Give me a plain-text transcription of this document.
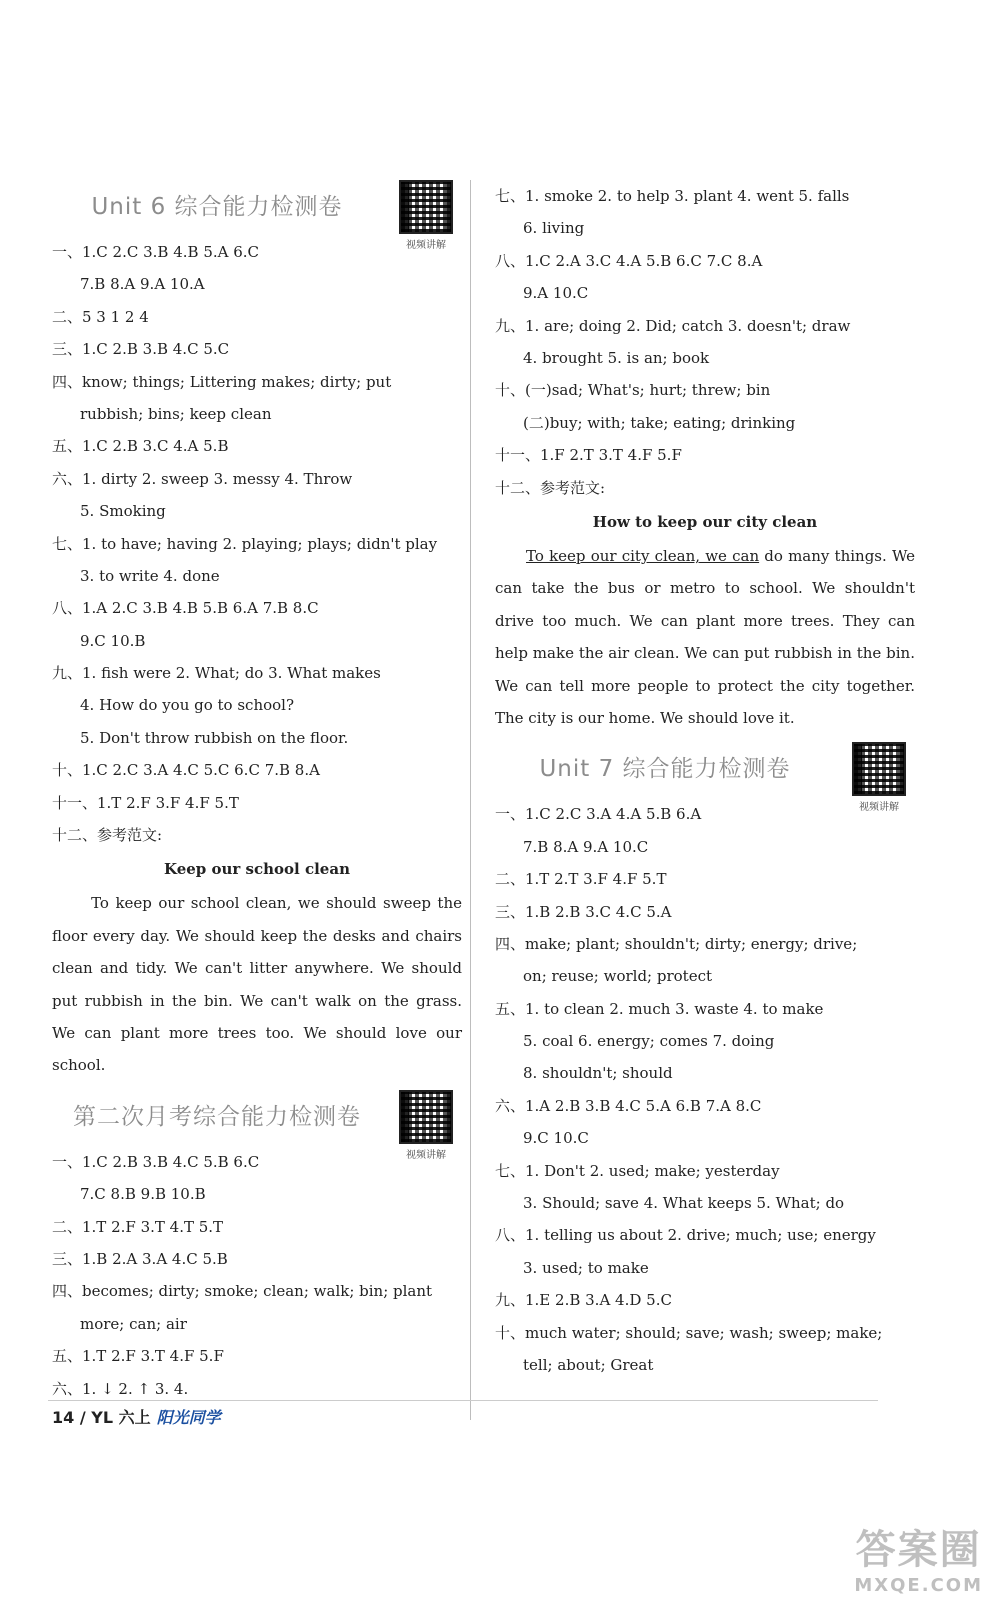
Unit 6 综合能力检测卷
视频讲解
一、1.C 2.C 3.B 4.B 5.A 6.C
7.B 8.A 9.A 10.A
二、5 3 1 2 4
三、1.C 2.B 3.B 4.C 5.C
四、know; things; Littering makes; dirty; put
rubbish; bins; keep clean
五、1.C 2.B 3.C 4.A 5.B
六、1. dirty 2. sweep 3. messy 4. Throw
5. Smoking
七、1. to have; having 2. playing; plays; didn't play
3. to write 4. done
八、1.A 2.C 3.B 4.B 5.B 6.A 7.B 8.C
9.C 10.B
九、1. fish were 2. What; do 3. What makes
4. How do you go to school?
5. Don't throw rubbish on the floor.
十、1.C 2.C 3.A 4.C 5.C 6.C 7.B 8.A
十一、1.T 2.F 3.F 4.F 5.T
十二、参考范文:
Keep our school clean
To keep our school clean, we should sweep the floor every day. We should keep the desks and chairs clean and tidy. We can't litter anywhere. We should put rubbish in the bin. We can't walk on the grass. We can plant more trees too. We should love our school.
第二次月考综合能力检测卷
视频讲解
一、1.C 2.B 3.B 4.C 5.B 6.C
7.C 8.B 9.B 10.B
二、1.T 2.F 3.T 4.T 5.T
三、1.B 2.A 3.A 4.C 5.B
四、becomes; dirty; smoke; clean; walk; bin; plant
more; can; air
五、1.T 2.F 3.T 4.F 5.F
六、1. ↓ 2. ↑ 3. 4.
七、1. smoke 2. to help 3. plant 4. went 5. falls
6. living
八、1.C 2.A 3.C 4.A 5.B 6.C 7.C 8.A
9.A 10.C
九、1. are; doing 2. Did; catch 3. doesn't; draw
4. brought 5. is an; book
十、(一)sad; What's; hurt; threw; bin
(二)buy; with; take; eating; drinking
十一、1.F 2.T 3.T 4.F 5.F
十二、参考范文:
How to keep our city clean
To keep our city clean, we can do many things. We can take the bus or metro to school. We shouldn't drive too much. We can plant more trees. They can help make the air clean. We can put rubbish in the bin. We can tell more people to protect the city together. The city is our home. We should love it.
Unit 7 综合能力检测卷
视频讲解
一、1.C 2.C 3.A 4.A 5.B 6.A
7.B 8.A 9.A 10.C
二、1.T 2.T 3.F 4.F 5.T
三、1.B 2.B 3.C 4.C 5.A
四、make; plant; shouldn't; dirty; energy; drive;
on; reuse; world; protect
五、1. to clean 2. much 3. waste 4. to make
5. coal 6. energy; comes 7. doing
8. shouldn't; should
六、1.A 2.B 3.B 4.C 5.A 6.B 7.A 8.C
9.C 10.C
七、1. Don't 2. used; make; yesterday
3. Should; save 4. What keeps 5. What; do
八、1. telling us about 2. drive; much; use; energy
3. used; to make
九、1.E 2.B 3.A 4.D 5.C
十、much water; should; save; wash; sweep; make;
tell; about; Great
14 / YL 六上 阳光同学
答案圈
MXQE.COM
